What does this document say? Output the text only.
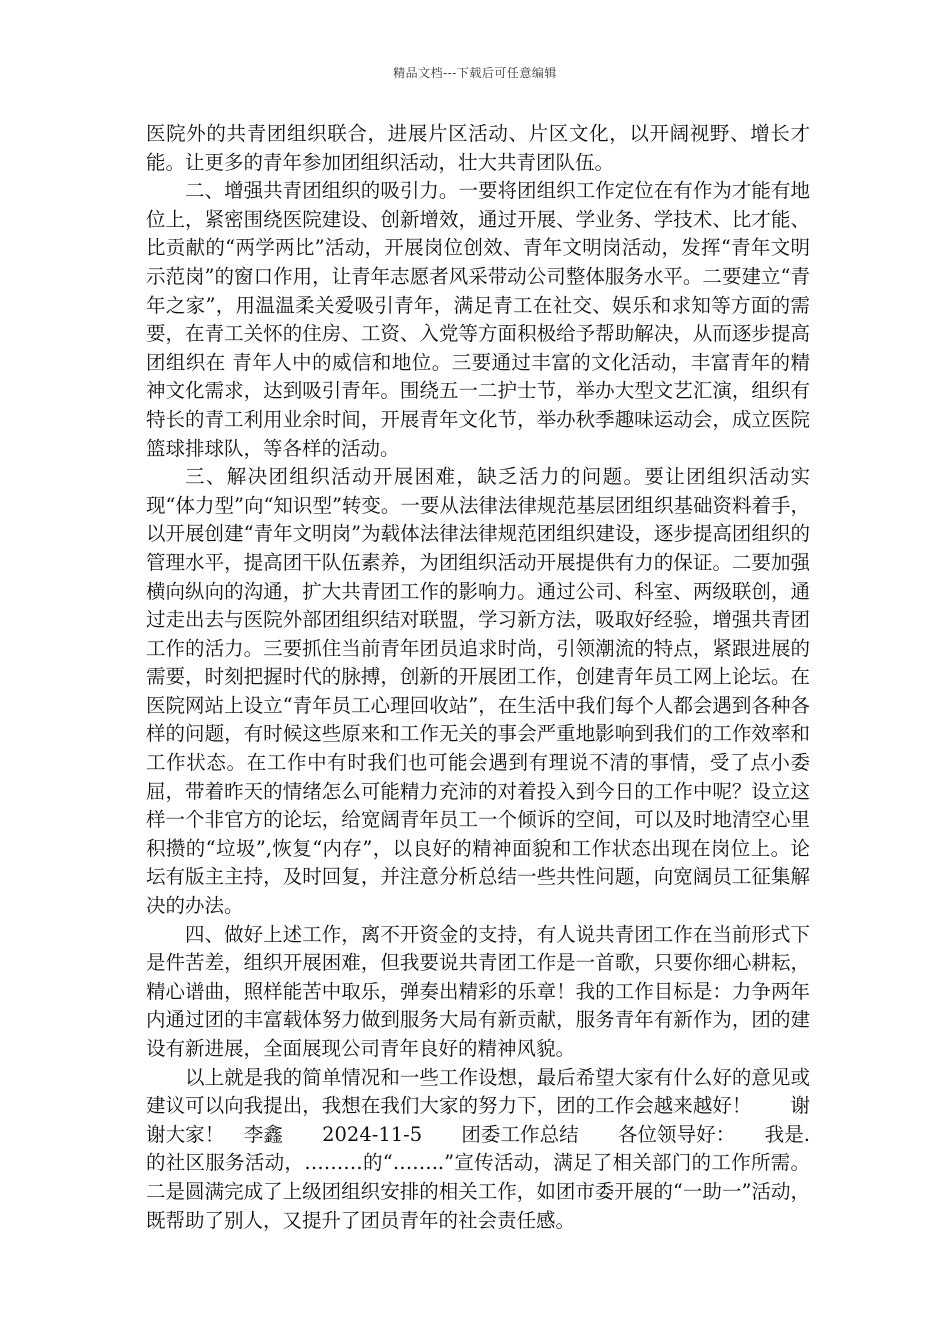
精品文档---下载后可任意编辑

医院外的共青团组织联合，进展片区活动、片区文化，以开阔视野、增长才能。让更多的青年参加团组织活动，壮大共青团队伍。

二、增强共青团组织的吸引力。一要将团组织工作定位在有作为才能有地位上，紧密围绕医院建设、创新增效，通过开展、学业务、学技术、比才能、比贡献的“两学两比”活动，开展岗位创效、青年文明岗活动，发挥“青年文明示范岗”的窗口作用，让青年志愿者风采带动公司整体服务水平。二要建立“青年之家”，用温温柔关爱吸引青年，满足青工在社交、娱乐和求知等方面的需要，在青工关怀的住房、工资、入党等方面积极给予帮助解决，从而逐步提高团组织在 青年人中的威信和地位。三要通过丰富的文化活动，丰富青年的精神文化需求，达到吸引青年。围绕五一二护士节，举办大型文艺汇演，组织有特长的青工利用业余时间，开展青年文化节，举办秋季趣味运动会，成立医院篮球排球队，等各样的活动。

三、解决团组织活动开展困难，缺乏活力的问题。要让团组织活动实现“体力型”向“知识型”转变。一要从法律法律规范基层团组织基础资料着手，以开展创建“青年文明岗”为载体法律法律规范团组织建设，逐步提高团组织的管理水平，提高团干队伍素养，为团组织活动开展提供有力的保证。二要加强横向纵向的沟通，扩大共青团工作的影响力。通过公司、科室、两级联创，通过走出去与医院外部团组织结对联盟，学习新方法，吸取好经验，增强共青团工作的活力。三要抓住当前青年团员追求时尚，引领潮流的特点，紧跟进展的需要，时刻把握时代的脉搏，创新的开展团工作，创建青年员工网上论坛。在医院网站上设立“青年员工心理回收站”，在生活中我们每个人都会遇到各种各样的问题，有时候这些原来和工作无关的事会严重地影响到我们的工作效率和工作状态。在工作中有时我们也可能会遇到有理说不清的事情，受了点小委屈，带着昨天的情绪怎么可能精力充沛的对着投入到今日的工作中呢？设立这样一个非官方的论坛，给宽阔青年员工一个倾诉的空间，可以及时地清空心里积攒的“垃圾”,恢复“内存”，以良好的精神面貌和工作状态出现在岗位上。论坛有版主主持，及时回复，并注意分析总结一些共性问题，向宽阔员工征集解决的办法。

四、做好上述工作，离不开资金的支持，有人说共青团工作在当前形式下是件苦差，组织开展困难，但我要说共青团工作是一首歌，只要你细心耕耘，精心谱曲，照样能苦中取乐，弹奏出精彩的乐章！我的工作目标是：力争两年内通过团的丰富载体努力做到服务大局有新贡献，服务青年有新作为，团的建设有新进展，全面展现公司青年良好的精神风貌。

以上就是我的简单情况和一些工作设想，最后希望大家有什么好的意见或建议可以向我提出，我想在我们大家的努力下，团的工作会越来越好！　　谢谢大家！　李鑫　　2024-11-5　　团委工作总结　　各位领导好：　　我是.的社区服务活动，………的“……..”宣传活动，满足了相关部门的工作所需。二是圆满完成了上级团组织安排的相关工作，如团市委开展的“一助一”活动，既帮助了别人，又提升了团员青年的社会责任感。
